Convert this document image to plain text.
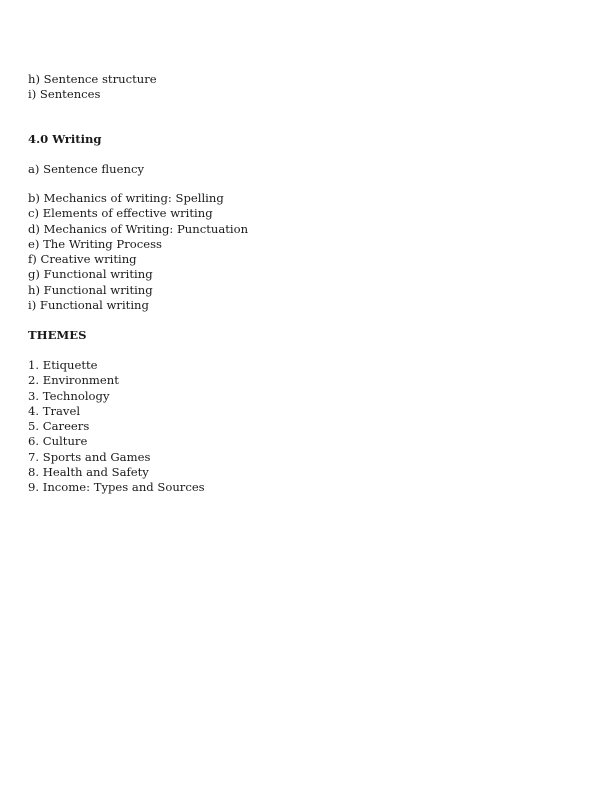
h) Sentence structure
i) Sentences
4.0 Writing
a) Sentence fluency
b) Mechanics of writing: Spelling
c) Elements of effective writing
d) Mechanics of Writing: Punctuation
e) The Writing Process
f) Creative writing
g) Functional writing
h) Functional writing
i) Functional writing
THEMES
1. Etiquette
2. Environment
3. Technology
4. Travel
5. Careers
6. Culture
7. Sports and Games
8. Health and Safety
9. Income: Types and Sources
